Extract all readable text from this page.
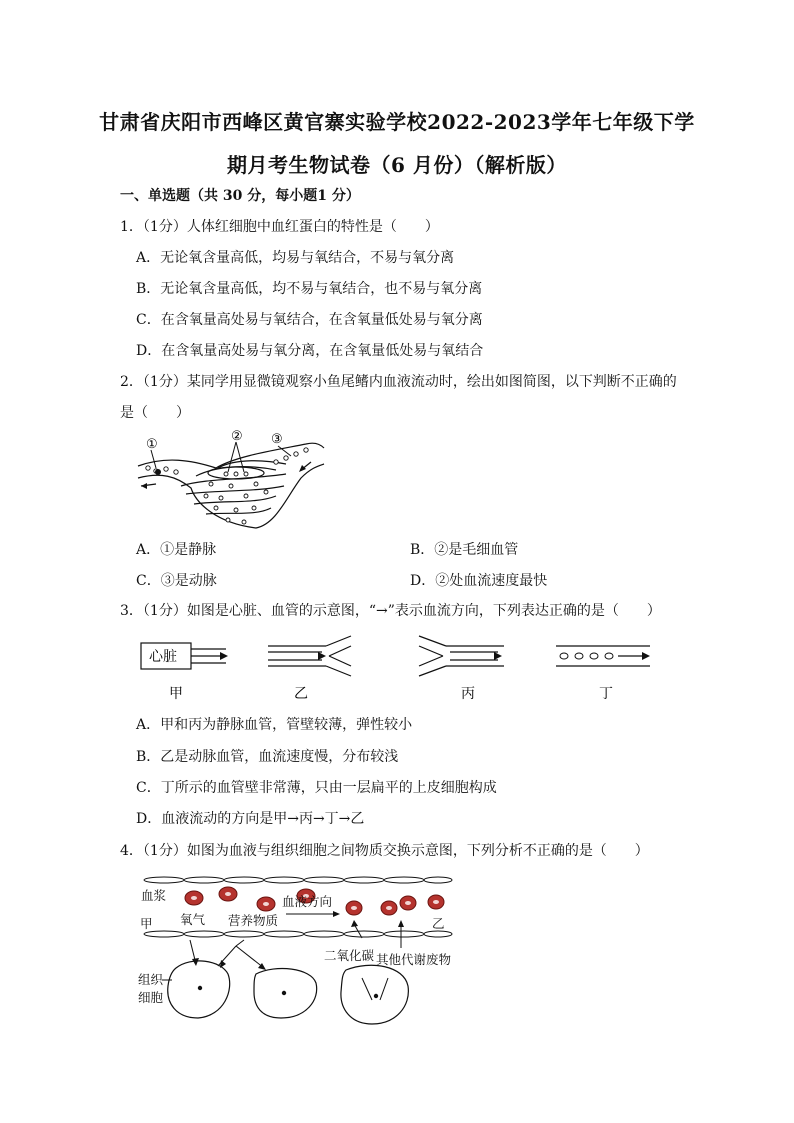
甘肃省庆阳市西峰区黄官寨实验学校2022-2023学年七年级下学
期月考生物试卷（6 月份）（解析版）
一、单选题（共 30 分，每小题1 分）
1．（1分）人体红细胞中血红蛋白的特性是（　　）
A．无论氧含量高低，均易与氧结合，不易与氧分离
B．无论氧含量高低，均不易与氧结合，也不易与氧分离
C．在含氧量高处易与氧结合，在含氧量低处易与氧分离
D．在含氧量高处易与氧分离，在含氧量低处易与氧结合
2．（1分）某同学用显微镜观察小鱼尾鳍内血液流动时，绘出如图简图，以下判断不正确的
是（　　）
①
② ③
A．①是静脉	B．②是毛细血管
C．③是动脉	D．②处血流速度最快
3．（1分）如图是心脏、血管的示意图，“→”表示血流方向，下列表达正确的是（　　）
心脏
甲	乙	丙	丁
A．甲和丙为静脉血管，管壁较薄，弹性较小
B．乙是动脉血管，血流速度慢，分布较浅
C．丁所示的血管壁非常薄，只由一层扁平的上皮细胞构成
D．血液流动的方向是甲→丙→丁→乙
4．（1分）如图为血液与组织细胞之间物质交换示意图，下列分析不正确的是（　　）
血浆	血液方向
甲	乙
氧气 营养物质
二氧化碳 其他代谢废物
组织
细胞
